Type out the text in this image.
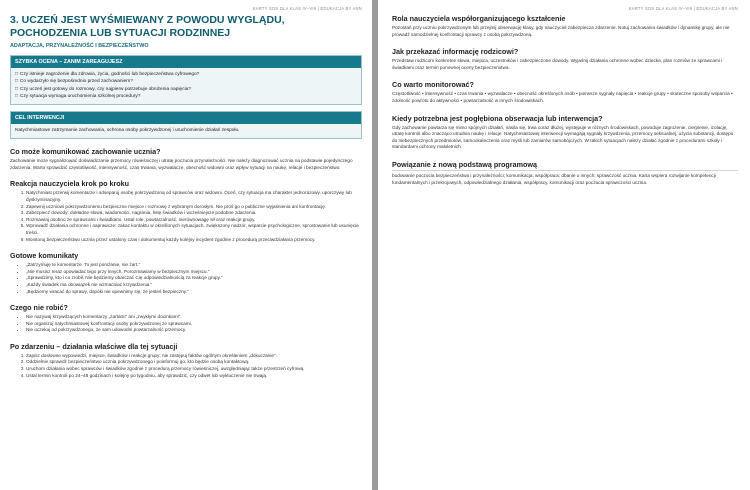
KARTY SOS DLA KLAS IV–VIII | EDUKACJA BY ANN
3. UCZEŃ JEST WYŚMIEWANY Z POWODU WYGLĄDU, POCHODZENIA LUB SYTUACJI RODZINNEJ
ADAPTACJA, PRZYNALEŻNOŚĆ I BEZPIECZEŃSTWO
SZYBKA OCENA – ZANIM ZAREAGUJESZ
□ Czy istnieje zagrożenie dla zdrowia, życia, godności lub bezpieczeństwa cyfrowego?
□ Co wydarzyło się bezpośrednio przed zachowaniem?
□ Czy uczeń jest gotowy do rozmowy, czy najpierw potrzebuje obniżenia napięcia?
□ Czy sytuacja wymaga uruchomienia szkolnej procedury?
CEL INTERWENCJI

Natychmiastowe zatrzymanie zachowania, ochrona osoby pokrzywdzonej i uruchomienie działań zespołu.

Co może komunikować zachowanie ucznia?

Zachowanie może sygnalizować doświadczanie przemocy rówieśniczej i utratę poczucia przynależności. Nie należy diagnozować ucznia na podstawie pojedynczego zdarzenia. Warto sprawdzić częstotliwość, intensywność, czas trwania, wyzwalacze, obecność widowni oraz wpływ sytuacji na naukę, relacje i bezpieczeństwo.

Reakcja nauczyciela krok po kroku
1. Natychmiast przerwij komentarze i odseparuj osobę pokrzywdzoną od sprawców oraz widowni. Oceń, czy sytuacja ma charakter jednorazowy, uporczywy lub dyskryminacyjny.
2. Zapewnij uczniowi pokrzywdzonemu bezpieczne miejsce i rozmowę z wybranym dorosłym. Nie proś go o publiczne wyjaśnienia ani konfrontację.
3. Zabezpiecz dowody: dokładne słowa, wiadomości, nagrania, listę świadków i wcześniejsze podobne zdarzenia.
4. Rozmawiaj osobno ze sprawcami i świadkami. Ustal role, powtarzalność, nierównowagę sił oraz reakcje grupy.
5. Wprowadź działania ochronne i naprawcze: zakaz kontaktu w określonych sytuacjach, zwiększony nadzór, wsparcie psychologiczne, sprostowanie lub usunięcie treści.
6. Monitoruj bezpieczeństwo ucznia przez ustalony czas i dokumentuj każdy kolejny incydent zgodnie z procedurą przeciwdziałania przemocy.
Gotowe komunikaty
• „Zatrzymuję te komentarze. To jest poniżanie, nie żart.”
• „Nie musisz teraz opowiadać tego przy innych. Porozmawiamy w bezpiecznym miejscu.”
• „Sprawdzimy, kto i co zrobił. Nie będziemy obarczać Cię odpowiedzialnością za reakcje grupy.”
• „Każdy świadek ma obowiązek nie wzmacniać krzywdzenia.”
• „Będziemy wracać do sprawy, dopóki nie upewnimy się, że jesteś bezpieczny.”
Czego nie robić?
• Nie nazywaj krzywdzących komentarzy „żartami” ani „zwykłymi docinkami”.
• Nie organizuj natychmiastowej konfrontacji osoby pokrzywdzonej ze sprawcami.
• Nie oczekuj od pokrzywdzonego, że sam udowodni powtarzalność przemocy.
Po zdarzeniu – działania właściwe dla tej sytuacji
1. Zapisz dosłowne wypowiedzi, miejsce, świadków i reakcje grupy; nie zastępuj faktów ogólnym określeniem „dokuczanie”.
2. Oddzielnie sprawdź bezpieczeństwo ucznia pokrzywdzonego i poinformuj go, kto będzie osobą kontaktową.
3. Uruchom działania wobec sprawców i świadków zgodnie z procedurą przemocy rówieśniczej, uwzględniając także przestrzeń cyfrową.
4. Ustal termin kontroli po 24–48 godzinach i kolejny po tygodniu, aby sprawdzić, czy odwet lub wykluczenie nie trwają.
KARTY SOS DLA KLAS IV–VIII | EDUKACJA BY ANN
Rola nauczyciela współorganizującego kształcenie

Pozostań przy uczniu pokrzywdzonym lub przejmij obserwację klasy, gdy nauczyciel zabezpiecza zdarzenie. Notuj zachowania świadków i dynamikę grupy, ale nie prowadź samodzielnej konfrontacji sprawcy z osobą pokrzywdzoną.

Jak przekazać informację rodzicowi?

Przedstaw rodzicom konkretne słowa, miejsca, uczestników i zabezpieczone dowody. Wyjaśnij działania ochronne wobec dziecka, plan rozmów ze sprawcami i świadkami oraz termin ponownej oceny bezpieczeństwa.

Co warto monitorować?

Częstotliwość • intensywność • czas trwania • wyzwalacze • obecność określonych osób • pierwsze sygnały napięcia • reakcje grupy • skuteczne sposoby wsparcia • zdolność powrotu do aktywności • powtarzalność w innych środowiskach.

Kiedy potrzebna jest pogłębiona obserwacja lub interwencja?

Gdy zachowanie powtarza się mimo spójnych działań, nasila się, trwa coraz dłużej, występuje w różnych środowiskach, powoduje zagrożenie, cierpienie, izolację, utratę kontroli albo znacząco utrudnia naukę i relacje. Natychmiastowej interwencji wymagają sygnały krzywdzenia, przemocy seksualnej, użycia substancji, dostępu do niebezpiecznych przedmiotów, samookaleczenia oraz myśli lub zamiarów samobójczych. W takich sytuacjach należy działać zgodnie z procedurami szkoły i standardami ochrony małoletnich.

Powiązanie z nową podstawą programową

budowanie poczucia bezpieczeństwa i przynależności; komunikacja; współpraca; dbanie o innych; sprawczość ucznia. Karta wspiera rozwijanie kompetencji fundamentalnych i przekrojowych, odpowiedzialnego działania, współpracy, komunikacji oraz poczucia sprawczości ucznia.
